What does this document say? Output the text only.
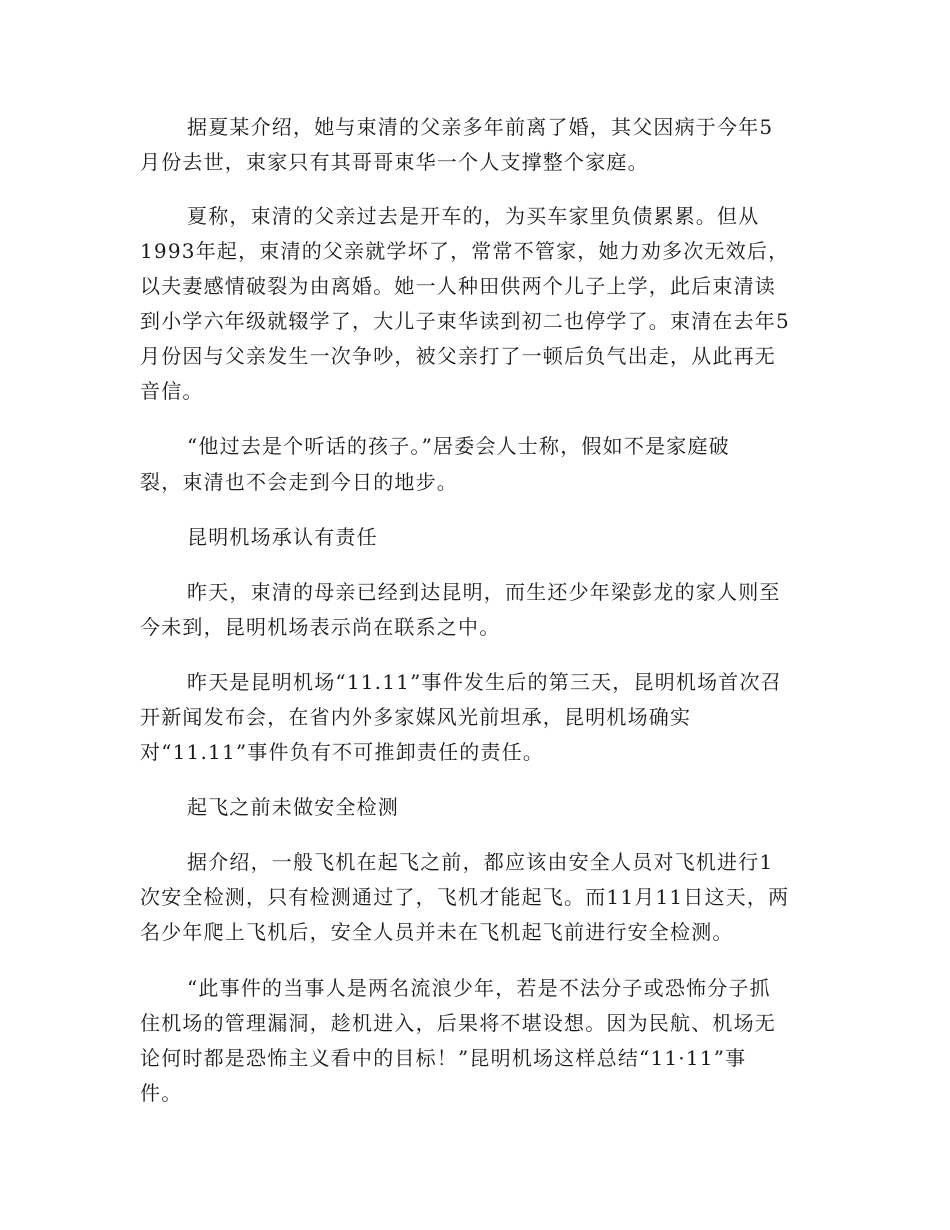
据夏某介绍，她与束清的父亲多年前离了婚，其父因病于今年5
月份去世，束家只有其哥哥束华一个人支撑整个家庭。
夏称，束清的父亲过去是开车的，为买车家里负债累累。但从
1993年起，束清的父亲就学坏了，常常不管家，她力劝多次无效后，
以夫妻感情破裂为由离婚。她一人种田供两个儿子上学，此后束清读
到小学六年级就辍学了，大儿子束华读到初二也停学了。束清在去年5
月份因与父亲发生一次争吵，被父亲打了一顿后负气出走，从此再无
音信。
“他过去是个听话的孩子。”居委会人士称，假如不是家庭破
裂，束清也不会走到今日的地步。
昆明机场承认有责任
昨天，束清的母亲已经到达昆明，而生还少年梁彭龙的家人则至
今未到，昆明机场表示尚在联系之中。
昨天是昆明机场“11.11”事件发生后的第三天，昆明机场首次召
开新闻发布会，在省内外多家媒风光前坦承，昆明机场确实
对“11.11”事件负有不可推卸责任的责任。
起飞之前未做安全检测
据介绍，一般飞机在起飞之前，都应该由安全人员对飞机进行1
次安全检测，只有检测通过了，飞机才能起飞。而11月11日这天，两
名少年爬上飞机后，安全人员并未在飞机起飞前进行安全检测。
“此事件的当事人是两名流浪少年，若是不法分子或恐怖分子抓
住机场的管理漏洞，趁机进入，后果将不堪设想。因为民航、机场无
论何时都是恐怖主义看中的目标！”昆明机场这样总结“11·11”事
件。
